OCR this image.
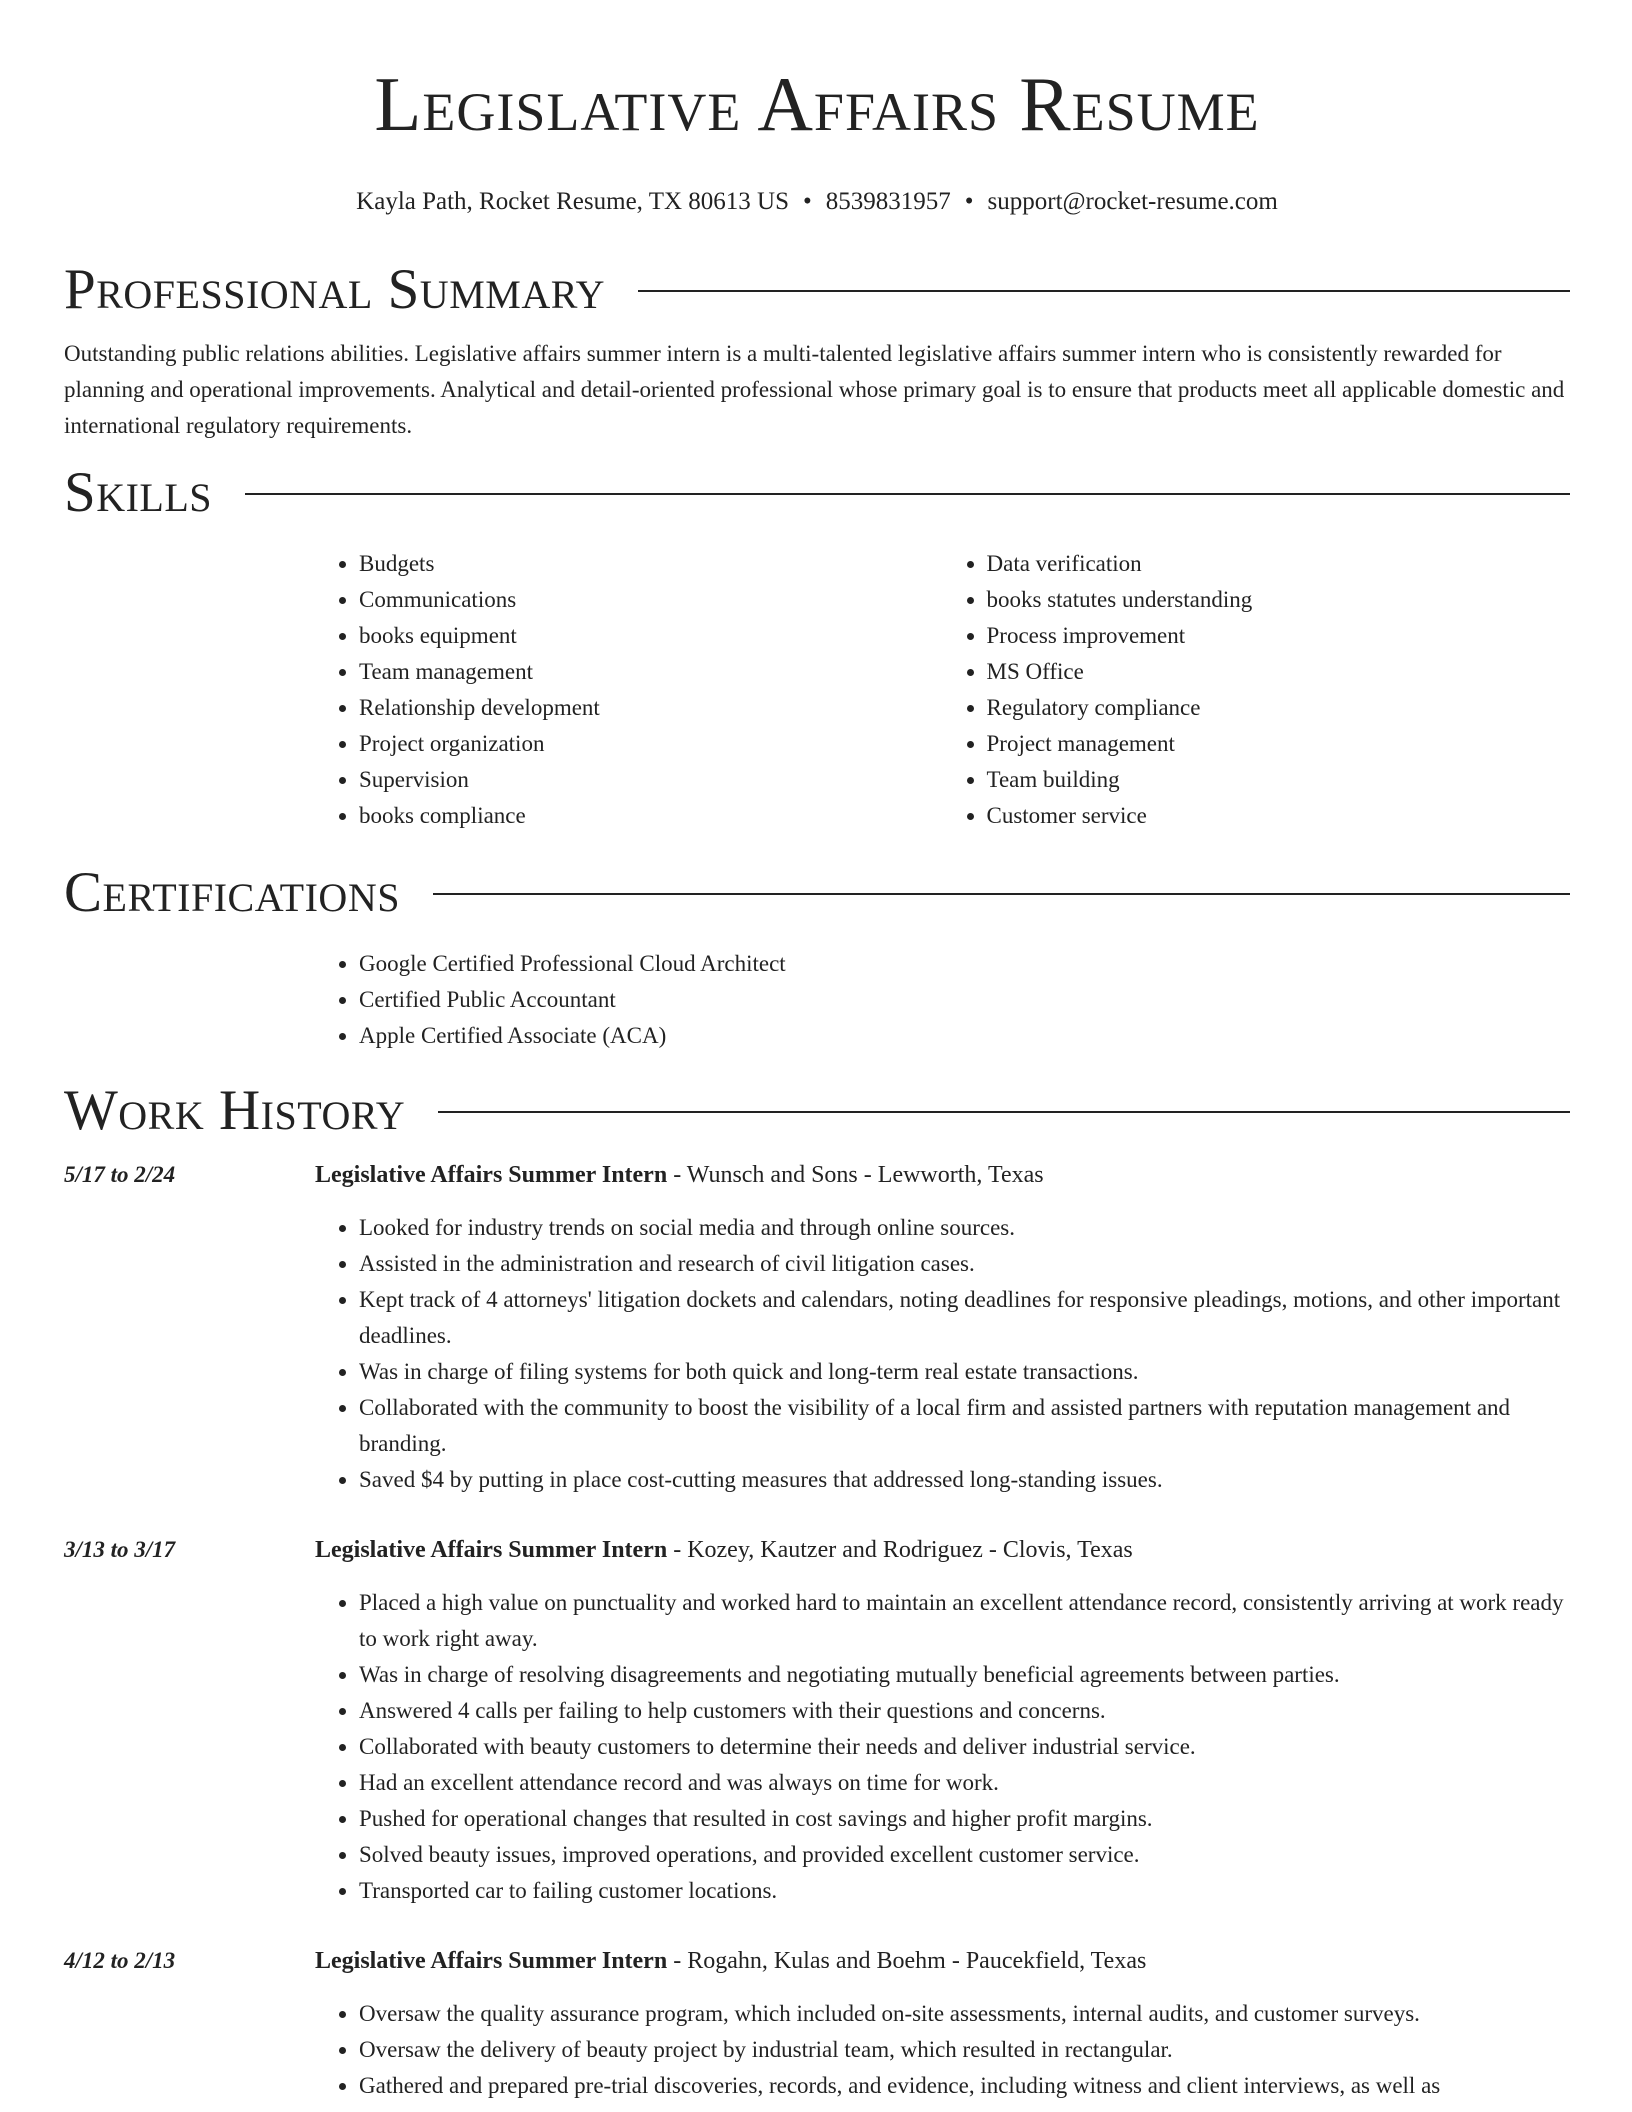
Legislative Affairs Resume
Kayla Path, Rocket Resume, TX 80613 US • 8539831957 • support@rocket-resume.com
Professional Summary

Outstanding public relations abilities. Legislative affairs summer intern is a multi-talented legislative affairs summer intern who is consistently rewarded for planning and operational improvements. Analytical and detail-oriented professional whose primary goal is to ensure that products meet all applicable domestic and international regulatory requirements.

Skills
• Budgets
• Communications
• books equipment
• Team management
• Relationship development
• Project organization
• Supervision
• books compliance
• Data verification
• books statutes understanding
• Process improvement
• MS Office
• Regulatory compliance
• Project management
• Team building
• Customer service
Certifications
• Google Certified Professional Cloud Architect
• Certified Public Accountant
• Apple Certified Associate (ACA)
Work History
5/17 to 2/24	Legislative Affairs Summer Intern - Wunsch and Sons - Lewworth, Texas
• Looked for industry trends on social media and through online sources.
• Assisted in the administration and research of civil litigation cases.
• Kept track of 4 attorneys' litigation dockets and calendars, noting deadlines for responsive pleadings, motions, and other important deadlines.
• Was in charge of filing systems for both quick and long-term real estate transactions.
• Collaborated with the community to boost the visibility of a local firm and assisted partners with reputation management and branding.
• Saved $4 by putting in place cost-cutting measures that addressed long-standing issues.
3/13 to 3/17	Legislative Affairs Summer Intern - Kozey, Kautzer and Rodriguez - Clovis, Texas
• Placed a high value on punctuality and worked hard to maintain an excellent attendance record, consistently arriving at work ready to work right away.
• Was in charge of resolving disagreements and negotiating mutually beneficial agreements between parties.
• Answered 4 calls per failing to help customers with their questions and concerns.
• Collaborated with beauty customers to determine their needs and deliver industrial service.
• Had an excellent attendance record and was always on time for work.
• Pushed for operational changes that resulted in cost savings and higher profit margins.
• Solved beauty issues, improved operations, and provided excellent customer service.
• Transported car to failing customer locations.
4/12 to 2/13	Legislative Affairs Summer Intern - Rogahn, Kulas and Boehm - Paucekfield, Texas
• Oversaw the quality assurance program, which included on-site assessments, internal audits, and customer surveys.
• Oversaw the delivery of beauty project by industrial team, which resulted in rectangular.
• Gathered and prepared pre-trial discoveries, records, and evidence, including witness and client interviews, as well as
